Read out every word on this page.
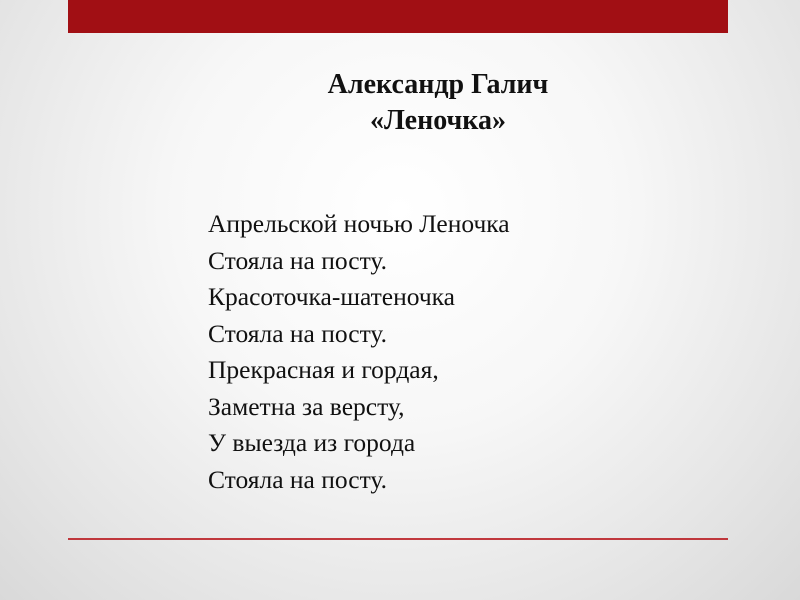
Александр Галич
«Леночка»
Апрельской ночью Леночка
Стояла на посту.
Красоточка-шатеночка
Стояла на посту.
Прекрасная и гордая,
Заметна за версту,
У выезда из города
Стояла на посту.
